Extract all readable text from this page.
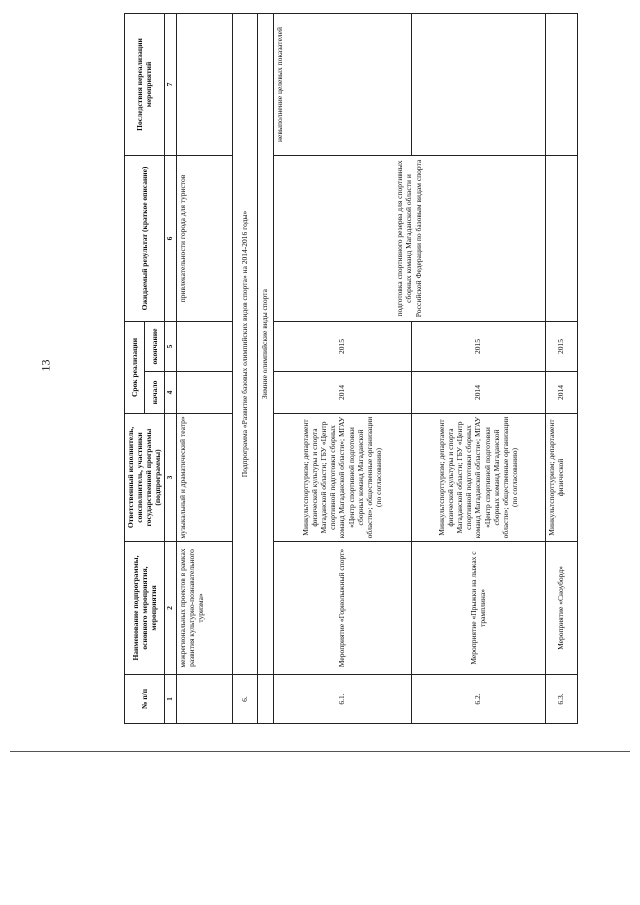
13
№ п/п	Наименование подпрограммы, основного мероприятия, мероприятия	Ответственный исполнитель, соисполнитель, участники государственной программы (подпрограммы)	Срок реализации		Ожидаемый результат (краткое описание)	Последствия нереализации мероприятий
			начало	окончание		
1	2	3	4	5	6	7
	межрегиональных проектов в рамках развития культурно-познавательного туризма»	музыкальный и драматический театр»			привлекательности города для туристов	
6.	Подпрограмма «Развитие базовых олимпийских видов спорта» на 2014-2016 годы»					
	Зимние олимпийские виды спорта					
6.1.	Мероприятие «Горнолыжный спорт»	Минкультспорттуризм; департамент физической культуры и спорта Магаданской области; ГБУ «Центр спортивной подготовки сборных команд Магаданской области»; МГАУ «Центр спортивной подготовки сборных команд Магаданской области»; общественные организации (по согласованию)	2014	2015	подготовка спортивного резерва для спортивных сборных команд Магаданской области и Российской Федерации по базовым видам спорта	невыполнение целевых показателей
6.2.	Мероприятие «Прыжки на лыжах с трамплина»	Минкультспорттуризм; департамент физической культуры и спорта Магаданской области; ГБУ «Центр спортивной подготовки сборных команд Магаданской области»; МГАУ «Центр спортивной подготовки сборных команд Магаданской области»; общественные организации (по согласованию)	2014	2015		
6.3.	Мероприятие «Сноуборд»	Минкультспорттуризм; департамент физической	2014	2015		
